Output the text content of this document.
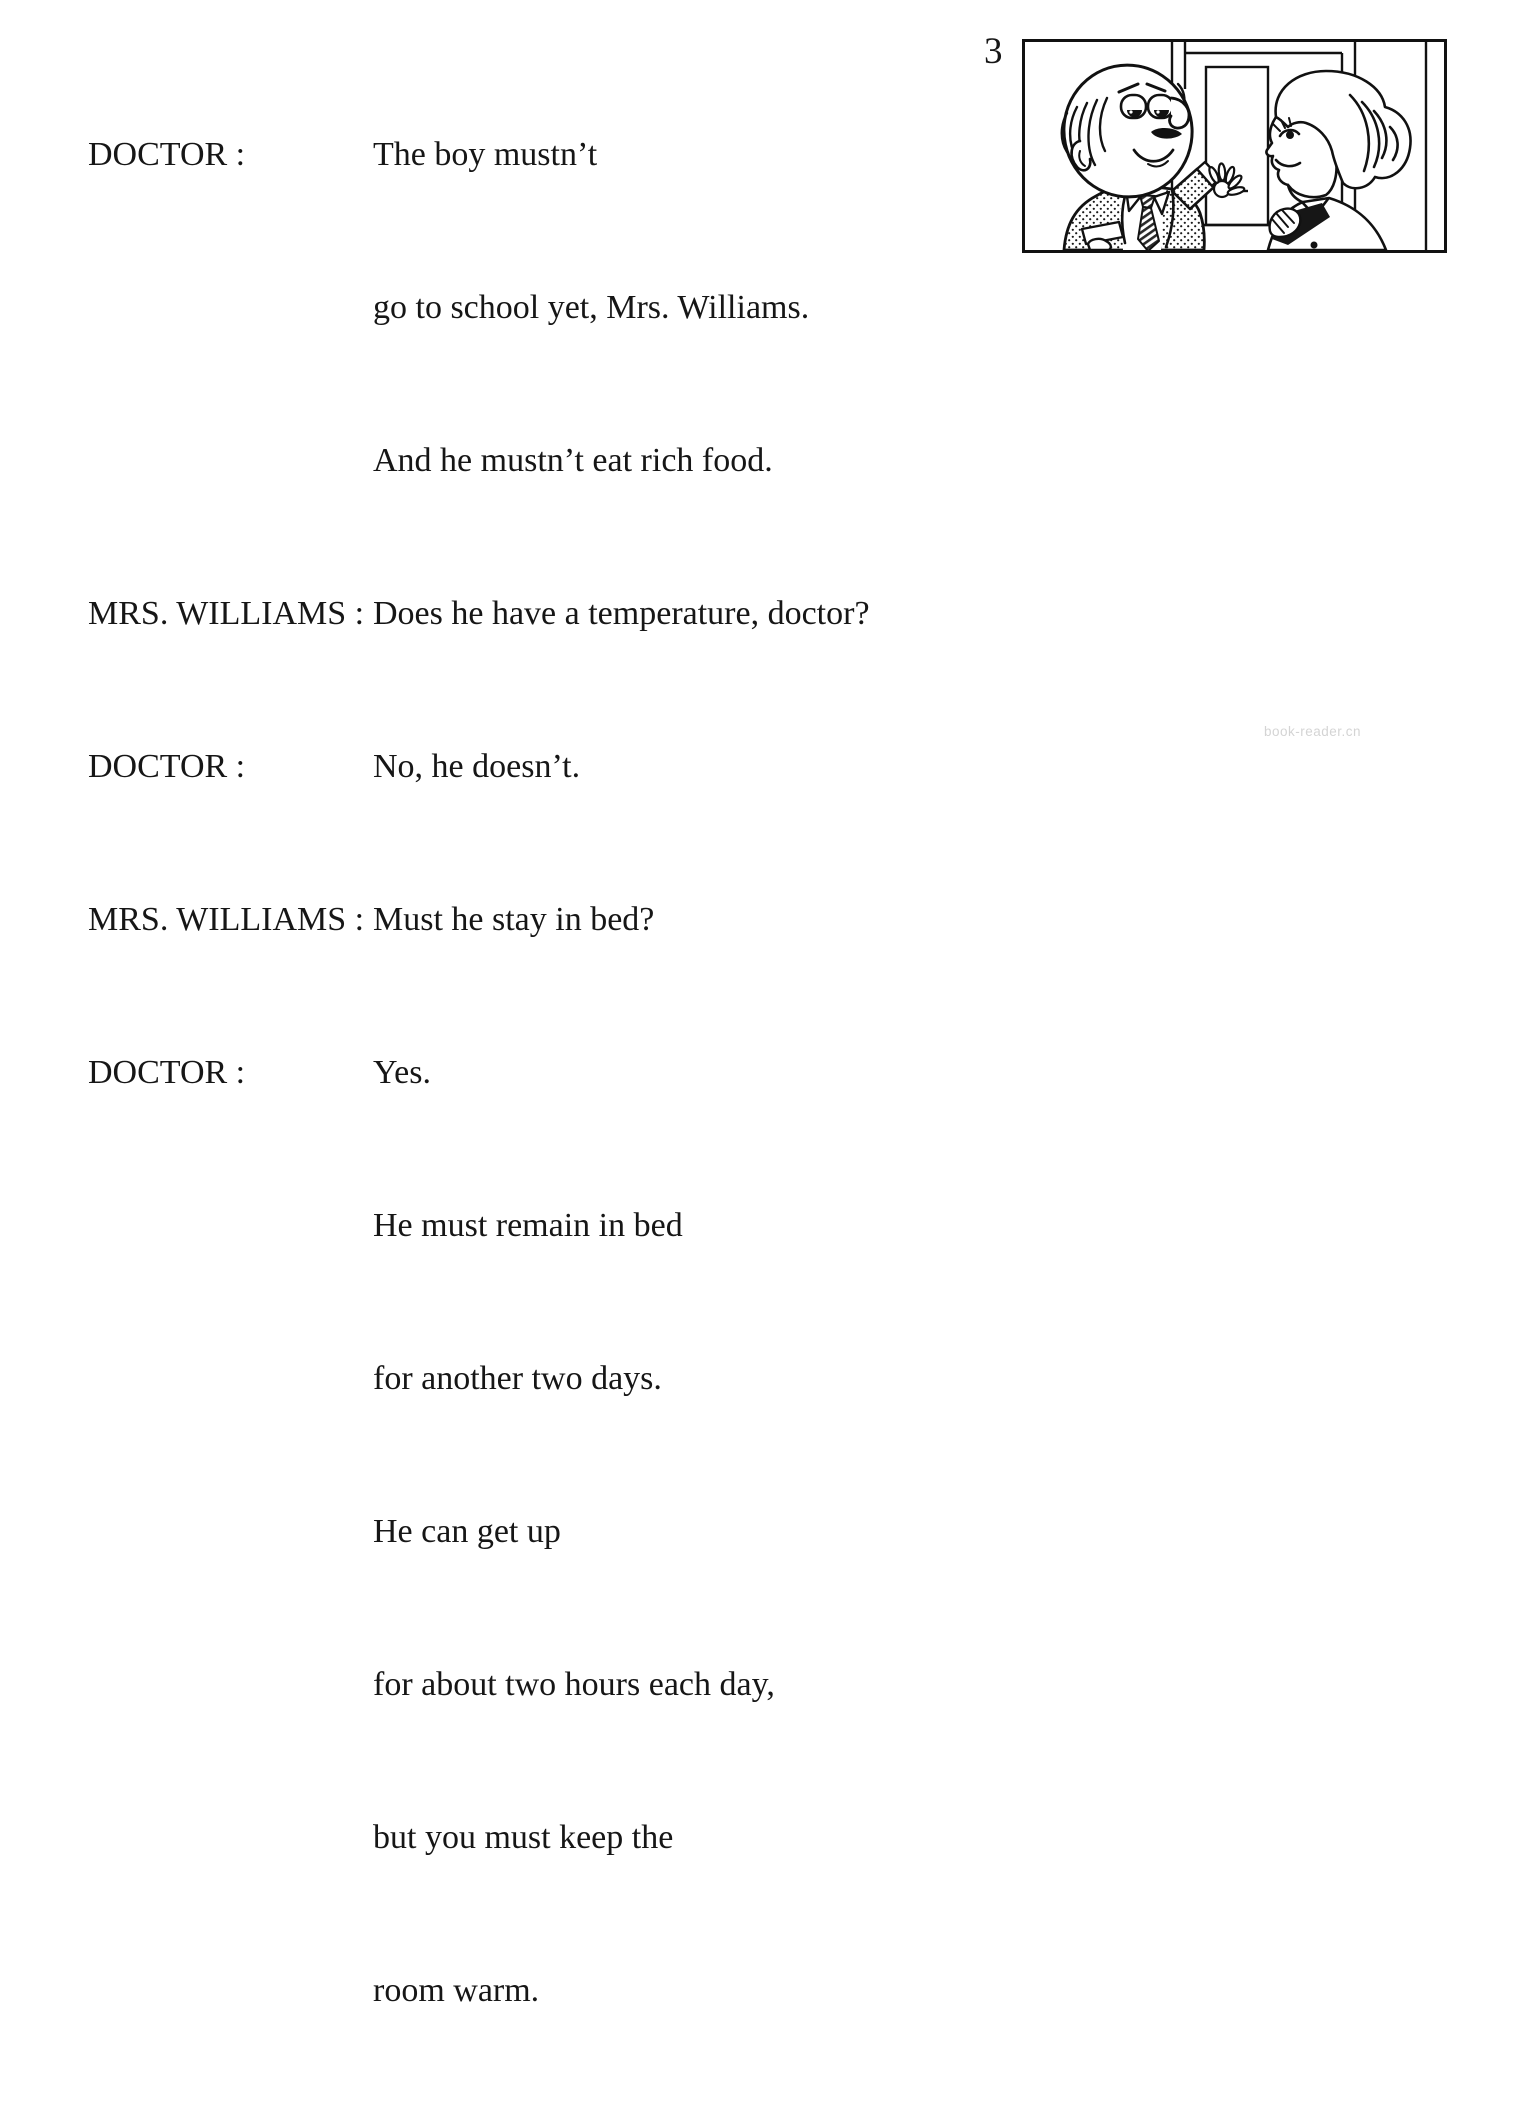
DOCTOR :	The boy mustn’t

go to school yet, Mrs. Williams.

And he mustn’t eat rich food.

MRS. WILLIAMS : Does he have a temperature, doctor?

DOCTOR :	No, he doesn’t.

MRS. WILLIAMS : Must he stay in bed?

DOCTOR :	Yes.

He must remain in bed

for another two days.

He can get up

for about two hours each day,

but you must keep the

room warm.

3
book-reader.cn
